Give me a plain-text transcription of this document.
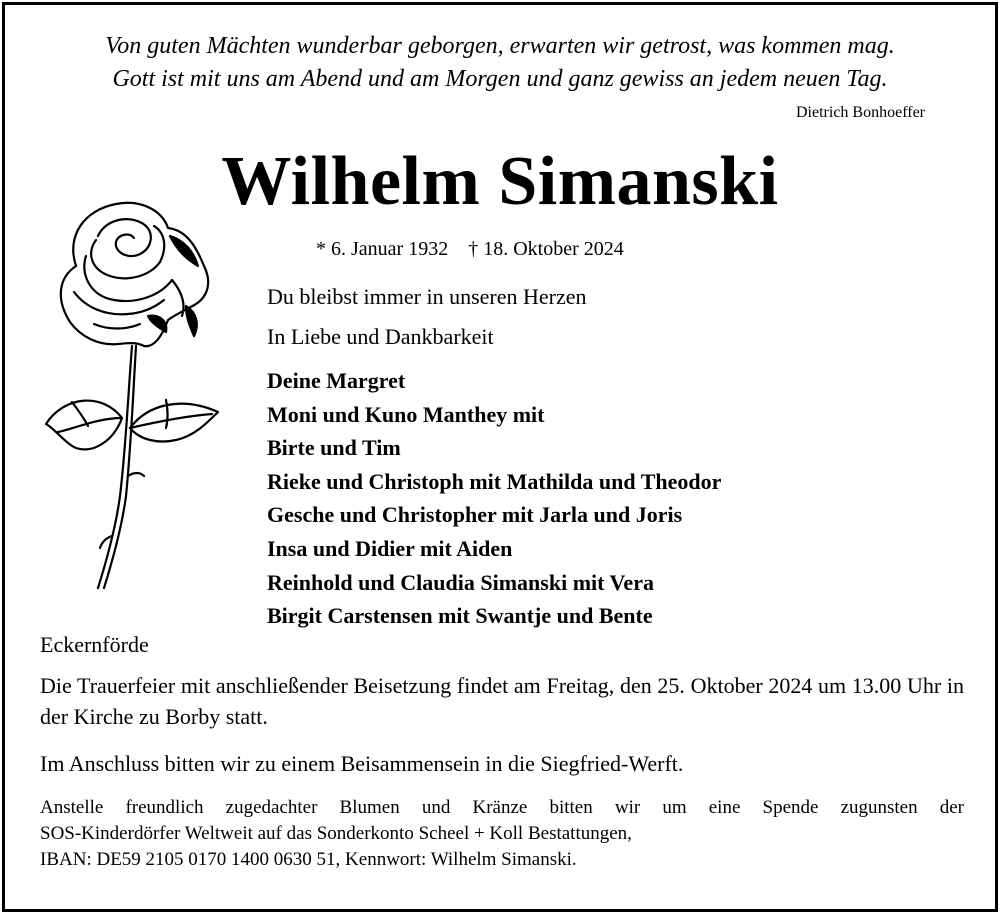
Von guten Mächten wunderbar geborgen, erwarten wir getrost, was kommen mag.
Gott ist mit uns am Abend und am Morgen und ganz gewiss an jedem neuen Tag.
Dietrich Bonhoeffer
Wilhelm Simanski
* 6. Januar 1932 † 18. Oktober 2024
Du bleibst immer in unseren Herzen
In Liebe und Dankbarkeit
Deine Margret
Moni und Kuno Manthey mit
Birte und Tim
Rieke und Christoph mit Mathilda und Theodor
Gesche und Christopher mit Jarla und Joris
Insa und Didier mit Aiden
Reinhold und Claudia Simanski mit Vera
Birgit Carstensen mit Swantje und Bente
Eckernförde
Die Trauerfeier mit anschließender Beisetzung findet am Freitag, den 25. Oktober 2024 um 13.00 Uhr in der Kirche zu Borby statt.
Im Anschluss bitten wir zu einem Beisammensein in die Siegfried-Werft.
Anstelle freundlich zugedachter Blumen und Kränze bitten wir um eine Spende zugunsten der
SOS-Kinderdörfer Weltweit auf das Sonderkonto Scheel + Koll Bestattungen,
IBAN: DE59 2105 0170 1400 0630 51, Kennwort: Wilhelm Simanski.
